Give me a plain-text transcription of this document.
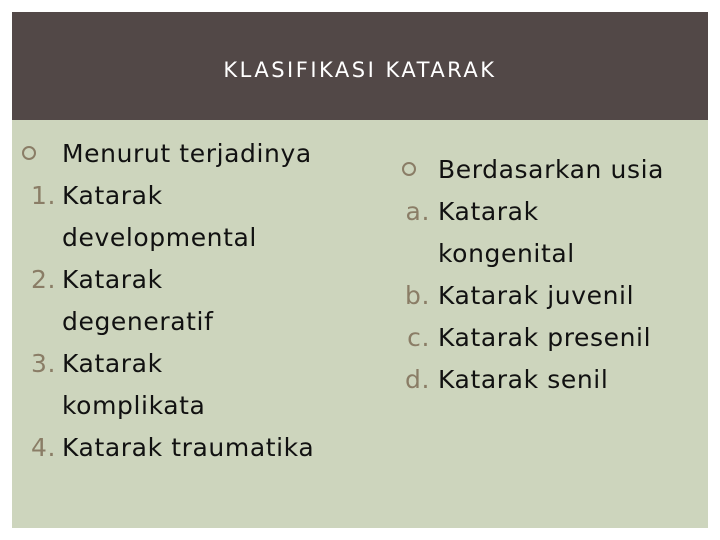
KLASIFIKASI KATARAK
Menurut terjadinya
1. Katarak developmental
2. Katarak degeneratif
3. Katarak komplikata
4. Katarak traumatika
Berdasarkan usia
a. Katarak kongenital
b. Katarak juvenil
c. Katarak presenil
d. Katarak senil
